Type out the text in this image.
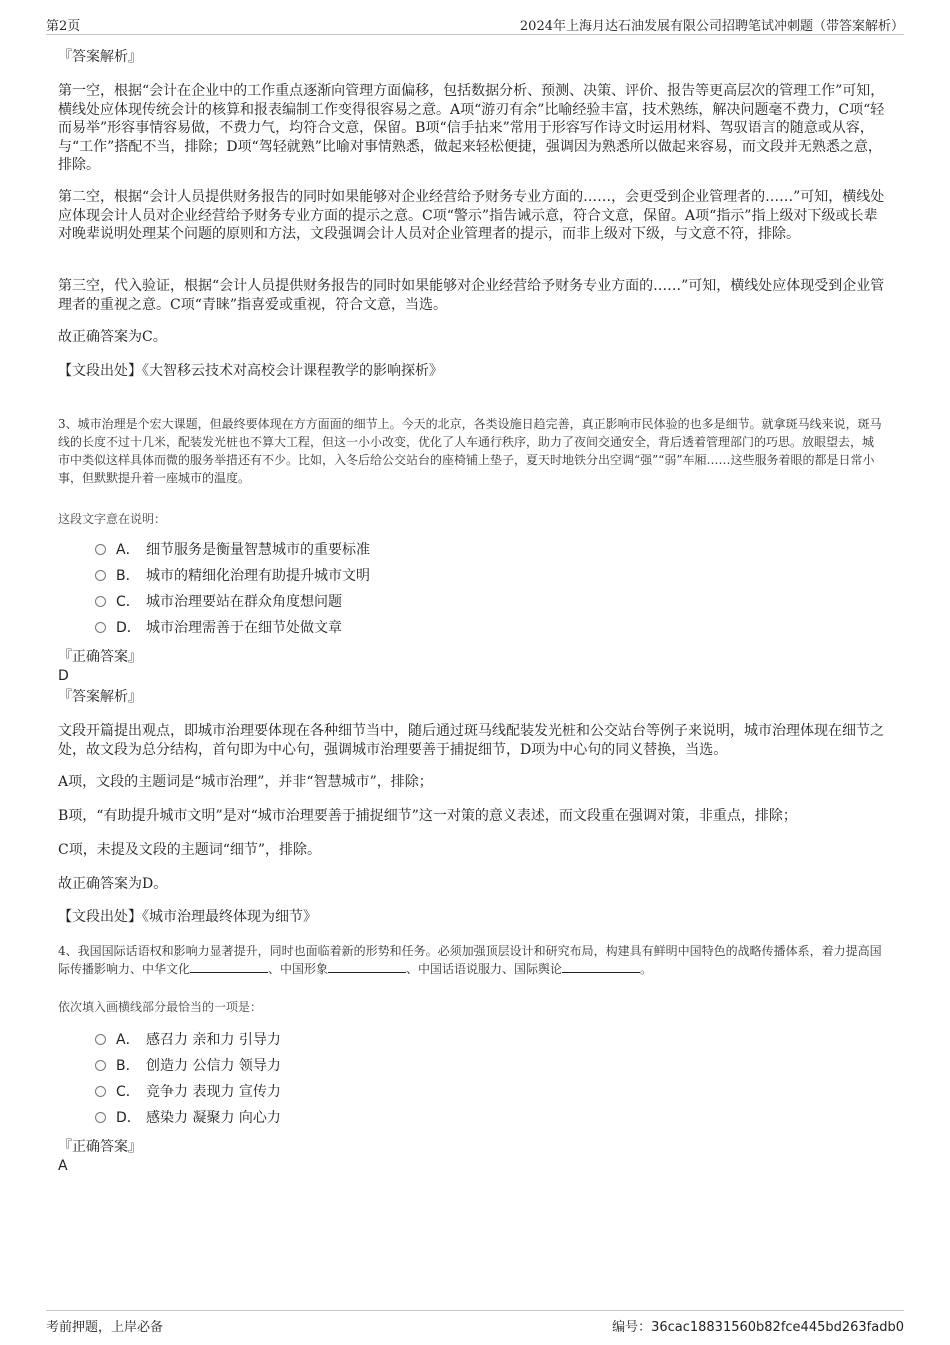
第2页	2024年上海月达石油发展有限公司招聘笔试冲刺题（带答案解析）
『答案解析』

第一空，根据“会计在企业中的工作重点逐渐向管理方面偏移，包括数据分析、预测、决策、评价、报告等更高层次的管理工作”可知，横线处应体现传统会计的核算和报表编制工作变得很容易之意。A项“游刃有余”比喻经验丰富，技术熟练，解决问题毫不费力，C项“轻而易举”形容事情容易做，不费力气，均符合文意，保留。B项“信手拈来”常用于形容写作诗文时运用材料、驾驭语言的随意或从容，与“工作”搭配不当，排除；D项“驾轻就熟”比喻对事情熟悉，做起来轻松便捷，强调因为熟悉所以做起来容易，而文段并无熟悉之意，排除。

第二空，根据“会计人员提供财务报告的同时如果能够对企业经营给予财务专业方面的……，会更受到企业管理者的……”可知，横线处应体现会计人员对企业经营给予财务专业方面的提示之意。C项“警示”指告诫示意，符合文意，保留。A项“指示”指上级对下级或长辈对晚辈说明处理某个问题的原则和方法，文段强调会计人员对企业管理者的提示，而非上级对下级，与文意不符，排除。

第三空，代入验证，根据“会计人员提供财务报告的同时如果能够对企业经营给予财务专业方面的……”可知，横线处应体现受到企业管理者的重视之意。C项“青睐”指喜爱或重视，符合文意，当选。

故正确答案为C。
【文段出处】《大智移云技术对高校会计课程教学的影响探析》

3、城市治理是个宏大课题，但最终要体现在方方面面的细节上。今天的北京，各类设施日趋完善，真正影响市民体验的也多是细节。就拿斑马线来说，斑马线的长度不过十几米，配装发光桩也不算大工程，但这一小小改变，优化了人车通行秩序，助力了夜间交通安全，背后透着管理部门的巧思。放眼望去，城市中类似这样具体而微的服务举措还有不少。比如，入冬后给公交站台的座椅铺上垫子，夏天时地铁分出空调“强”“弱”车厢……这些服务着眼的都是日常小事，但默默提升着一座城市的温度。

这段文字意在说明：
A． 细节服务是衡量智慧城市的重要标准
B． 城市的精细化治理有助提升城市文明
C． 城市治理要站在群众角度想问题
D． 城市治理需善于在细节处做文章
『正确答案』
D
『答案解析』

文段开篇提出观点，即城市治理要体现在各种细节当中，随后通过斑马线配装发光桩和公交站台等例子来说明，城市治理体现在细节之处，故文段为总分结构，首句即为中心句，强调城市治理要善于捕捉细节，D项为中心句的同义替换，当选。

A项，文段的主题词是“城市治理”，并非“智慧城市”，排除；

B项，“有助提升城市文明”是对“城市治理要善于捕捉细节”这一对策的意义表述，而文段重在强调对策，非重点，排除；

C项，未提及文段的主题词“细节”，排除。

故正确答案为D。
【文段出处】《城市治理最终体现为细节》

4、我国国际话语权和影响力显著提升，同时也面临着新的形势和任务。必须加强顶层设计和研究布局，构建具有鲜明中国特色的战略传播体系，着力提高国际传播影响力、中华文化	、中国形象	、中国话语说服力、国际舆论	。

依次填入画横线部分最恰当的一项是：
A． 感召力 亲和力 引导力
B． 创造力 公信力 领导力
C． 竞争力 表现力 宣传力
D． 感染力 凝聚力 向心力
『正确答案』
A
考前押题，上岸必备	编号：36cac18831560b82fce445bd263fadb0
